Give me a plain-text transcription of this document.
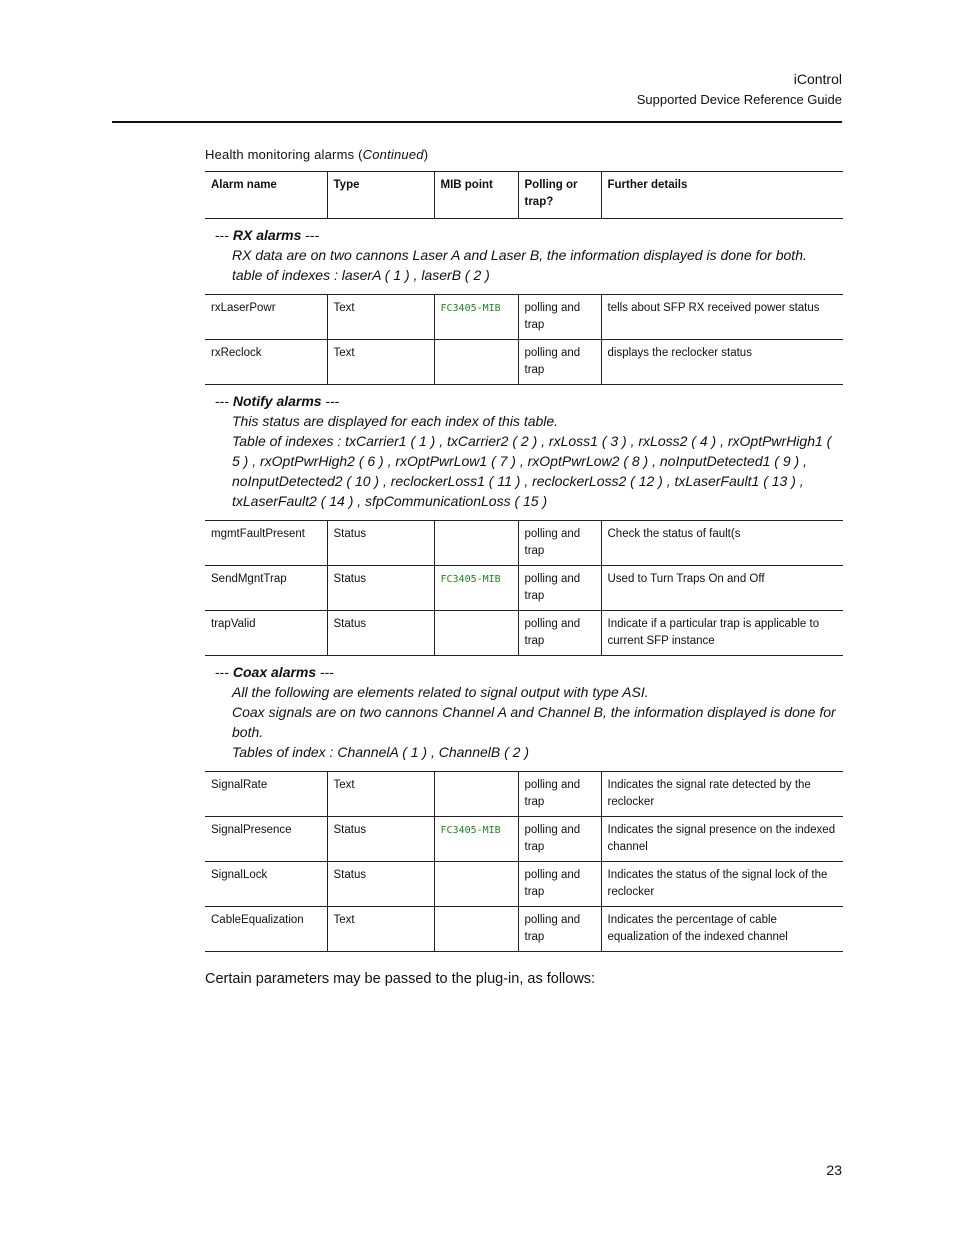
iControl
Supported Device Reference Guide
Health monitoring alarms (Continued)
Alarm name	Type	MIB point	Polling or trap?	Further details

--- RX alarms ---
RX data are on two cannons Laser A and Laser B, the information displayed is done for both.
table of indexes : laserA ( 1 ) , laserB ( 2 )				

rxLaserPowr	Text	FC3405-MIB	polling and trap	tells about SFP RX received power status
rxReclock	Text		polling and trap	displays the reclocker status

--- Notify alarms ---
This status are displayed for each index of this table.
Table of indexes : txCarrier1 ( 1 ) , txCarrier2 ( 2 ) , rxLoss1 ( 3 ) , rxLoss2 ( 4 ) , rxOptPwrHigh1 ( 5 ) , rxOptPwrHigh2 ( 6 ) , rxOptPwrLow1 ( 7 ) , rxOptPwrLow2 ( 8 ) , noInputDetected1 ( 9 ) , noInputDetected2 ( 10 ) , reclockerLoss1 ( 11 ) , reclockerLoss2 ( 12 ) , txLaserFault1 ( 13 ) , txLaserFault2 ( 14 ) , sfpCommunicationLoss ( 15 )				

mgmtFaultPresent	Status		polling and trap	Check the status of fault(s
SendMgntTrap	Status	FC3405-MIB	polling and trap	Used to Turn Traps On and Off
trapValid	Status		polling and trap	Indicate if a particular trap is applicable to current SFP instance

--- Coax alarms ---
All the following are elements related to signal output with type ASI.
Coax signals are on two cannons Channel A and Channel B, the information displayed is done for both.
Tables of index : ChannelA ( 1 ) , ChannelB ( 2 )				

SignalRate	Text		polling and trap	Indicates the signal rate detected by the reclocker
SignalPresence	Status	FC3405-MIB	polling and trap	Indicates the signal presence on the indexed channel
SignalLock	Status		polling and trap	Indicates the status of the signal lock of the reclocker
CableEqualization	Text		polling and trap	Indicates the percentage of cable equalization of the indexed channel
Certain parameters may be passed to the plug-in, as follows:
23
